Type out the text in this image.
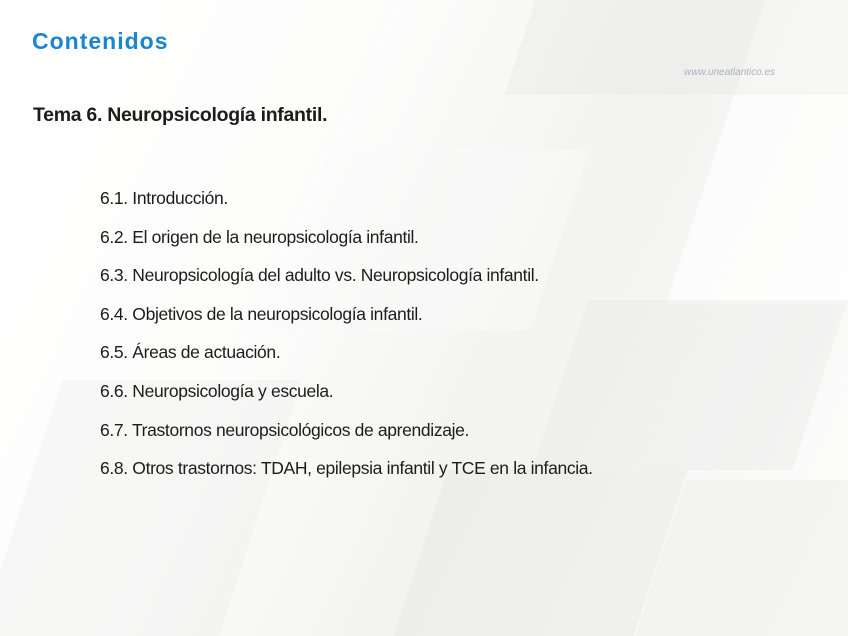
Contenidos
www.uneatlantico.es
Tema 6. Neuropsicología infantil.
6.1. Introducción.
6.2. El origen de la neuropsicología infantil.
6.3. Neuropsicología del adulto vs. Neuropsicología infantil.
6.4. Objetivos de la neuropsicología infantil.
6.5. Áreas de actuación.
6.6. Neuropsicología y escuela.
6.7. Trastornos neuropsicológicos de aprendizaje.
6.8. Otros trastornos: TDAH, epilepsia infantil y TCE en la infancia.
